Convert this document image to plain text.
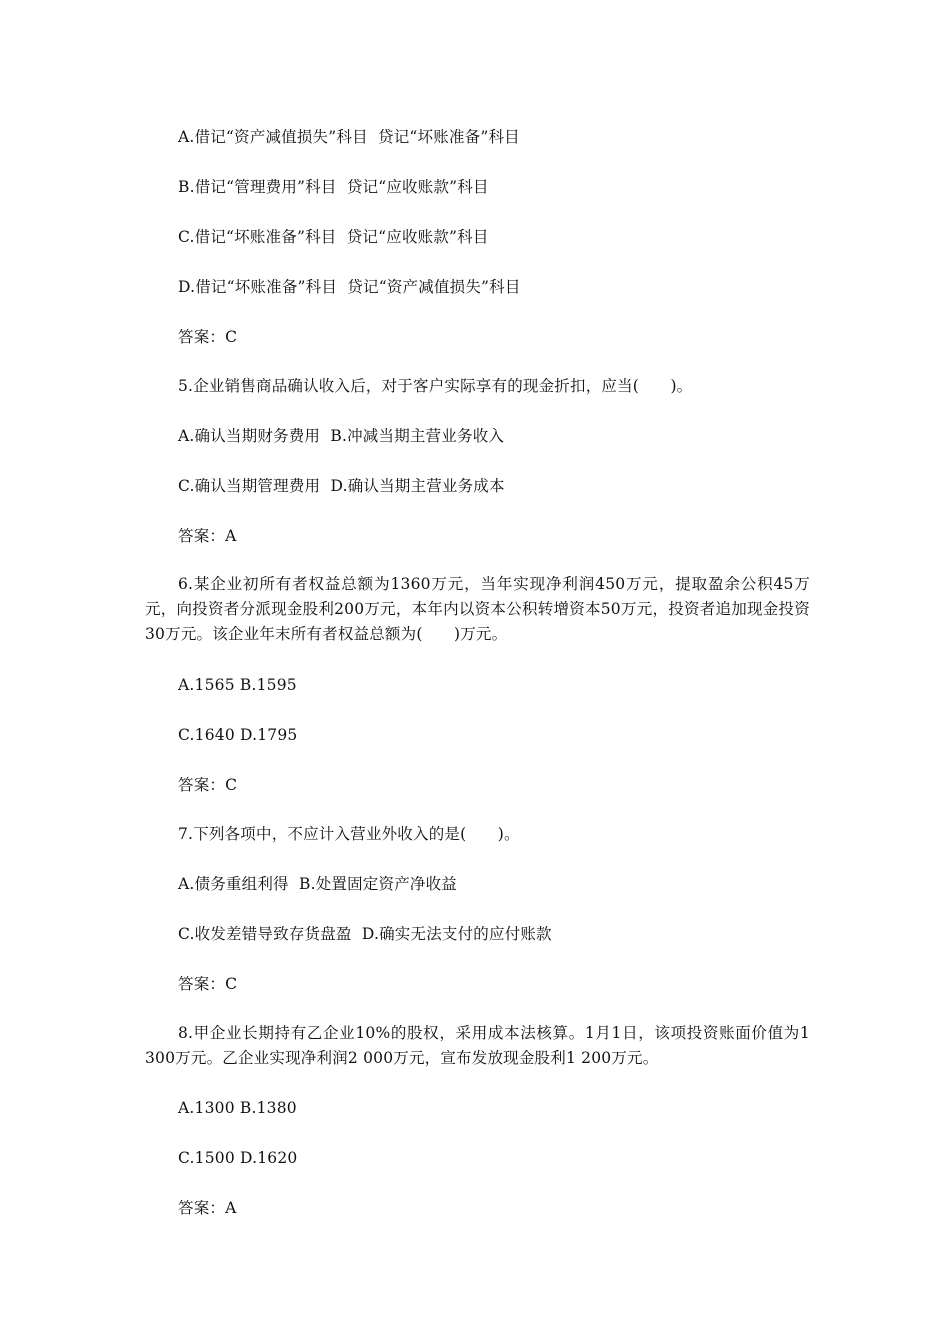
A.借记“资产减值损失”科目  贷记“坏账准备”科目
B.借记“管理费用”科目  贷记“应收账款”科目
C.借记“坏账准备”科目  贷记“应收账款”科目
D.借记“坏账准备”科目  贷记“资产减值损失”科目
答案：C
5.企业销售商品确认收入后，对于客户实际享有的现金折扣，应当(　　)。
A.确认当期财务费用  B.冲减当期主营业务收入
C.确认当期管理费用  D.确认当期主营业务成本
答案：A
6.某企业初所有者权益总额为1360万元，当年实现净利润450万元，提取盈余公积45万元，向投资者分派现金股利200万元，本年内以资本公积转增资本50万元，投资者追加现金投资30万元。该企业年末所有者权益总额为(　　)万元。
A.1565 B.1595
C.1640 D.1795
答案：C
7.下列各项中，不应计入营业外收入的是(　　)。
A.债务重组利得  B.处置固定资产净收益
C.收发差错导致存货盘盈  D.确实无法支付的应付账款
答案：C
8.甲企业长期持有乙企业10%的股权，采用成本法核算。1月1日，该项投资账面价值为1 300万元。乙企业实现净利润2 000万元，宣布发放现金股利1 200万元。
A.1300 B.1380
C.1500 D.1620
答案：A
